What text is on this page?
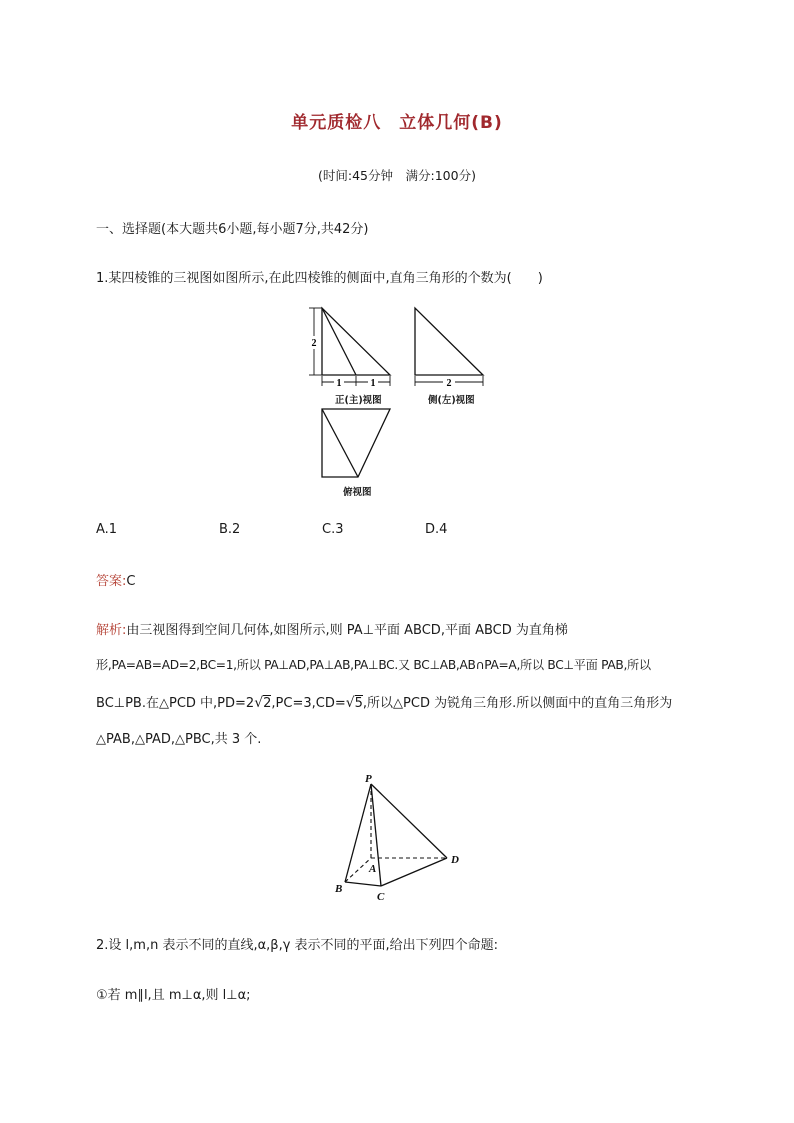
单元质检八　立体几何(B)
(时间:45分钟　满分:100分)
一、选择题(本大题共6小题,每小题7分,共42分)
1.某四棱锥的三视图如图所示,在此四棱锥的侧面中,直角三角形的个数为(　　)
2
1	1
正(主)视图
2
侧(左)视图
俯视图
A.1	B.2	C.3	D.4
答案:C
解析:由三视图得到空间几何体,如图所示,则 PA⊥平面 ABCD,平面 ABCD 为直角梯
形,PA=AB=AD=2,BC=1,所以 PA⊥AD,PA⊥AB,PA⊥BC.又 BC⊥AB,AB∩PA=A,所以 BC⊥平面 PAB,所以
BC⊥PB.在△PCD 中,PD=2√2,PC=3,CD=√5,所以△PCD 为锐角三角形.所以侧面中的直角三角形为
△PAB,△PAD,△PBC,共 3 个.
P
A
B
C
D
2.设 l,m,n 表示不同的直线,α,β,γ 表示不同的平面,给出下列四个命题:
①若 m∥l,且 m⊥α,则 l⊥α;
